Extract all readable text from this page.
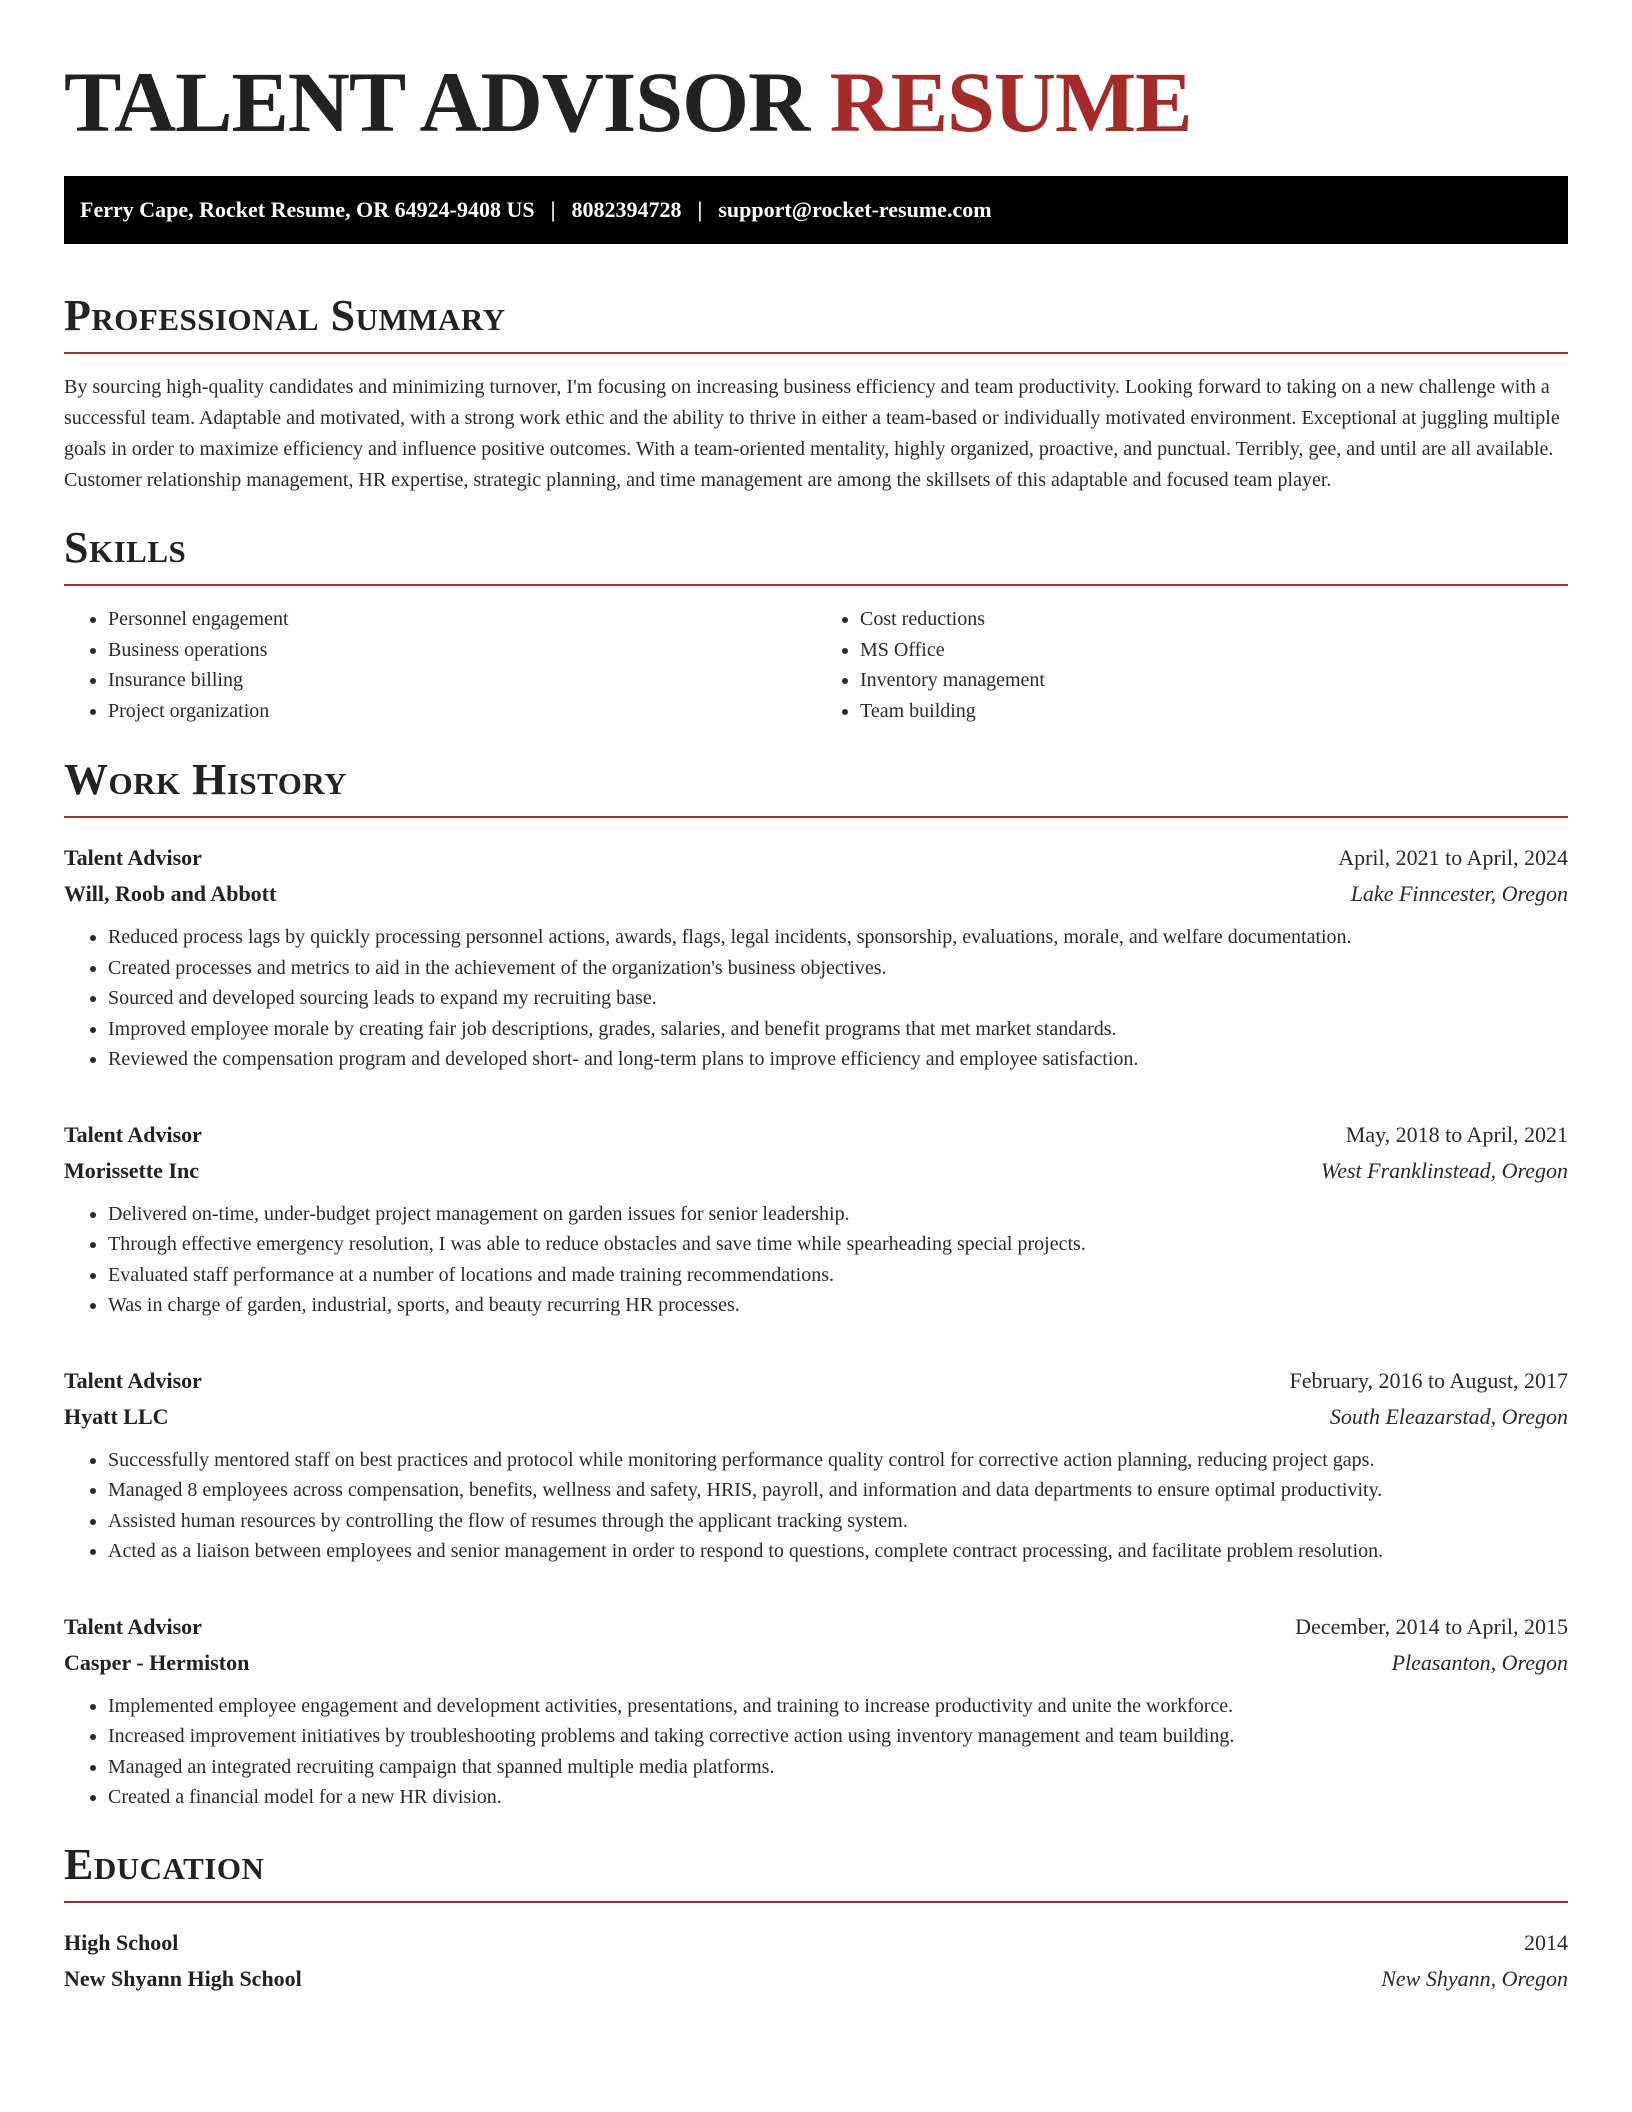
TALENT ADVISOR RESUME
Ferry Cape, Rocket Resume, OR 64924-9408 US | 8082394728 | support@rocket-resume.com
Professional Summary

By sourcing high-quality candidates and minimizing turnover, I'm focusing on increasing business efficiency and team productivity. Looking forward to taking on a new challenge with a successful team. Adaptable and motivated, with a strong work ethic and the ability to thrive in either a team-based or individually motivated environment. Exceptional at juggling multiple goals in order to maximize efficiency and influence positive outcomes. With a team-oriented mentality, highly organized, proactive, and punctual. Terribly, gee, and until are all available. Customer relationship management, HR expertise, strategic planning, and time management are among the skillsets of this adaptable and focused team player.

Skills
• Personnel engagement
• Business operations
• Insurance billing
• Project organization
• Cost reductions
• MS Office
• Inventory management
• Team building
Work History
Talent Advisor	April, 2021 to April, 2024
Will, Roob and Abbott	Lake Finncester, Oregon
• Reduced process lags by quickly processing personnel actions, awards, flags, legal incidents, sponsorship, evaluations, morale, and welfare documentation.
• Created processes and metrics to aid in the achievement of the organization's business objectives.
• Sourced and developed sourcing leads to expand my recruiting base.
• Improved employee morale by creating fair job descriptions, grades, salaries, and benefit programs that met market standards.
• Reviewed the compensation program and developed short- and long-term plans to improve efficiency and employee satisfaction.
Talent Advisor	May, 2018 to April, 2021
Morissette Inc	West Franklinstead, Oregon
• Delivered on-time, under-budget project management on garden issues for senior leadership.
• Through effective emergency resolution, I was able to reduce obstacles and save time while spearheading special projects.
• Evaluated staff performance at a number of locations and made training recommendations.
• Was in charge of garden, industrial, sports, and beauty recurring HR processes.
Talent Advisor	February, 2016 to August, 2017
Hyatt LLC	South Eleazarstad, Oregon
• Successfully mentored staff on best practices and protocol while monitoring performance quality control for corrective action planning, reducing project gaps.
• Managed 8 employees across compensation, benefits, wellness and safety, HRIS, payroll, and information and data departments to ensure optimal productivity.
• Assisted human resources by controlling the flow of resumes through the applicant tracking system.
• Acted as a liaison between employees and senior management in order to respond to questions, complete contract processing, and facilitate problem resolution.
Talent Advisor	December, 2014 to April, 2015
Casper - Hermiston	Pleasanton, Oregon
• Implemented employee engagement and development activities, presentations, and training to increase productivity and unite the workforce.
• Increased improvement initiatives by troubleshooting problems and taking corrective action using inventory management and team building.
• Managed an integrated recruiting campaign that spanned multiple media platforms.
• Created a financial model for a new HR division.
Education
High School	2014
New Shyann High School	New Shyann, Oregon
